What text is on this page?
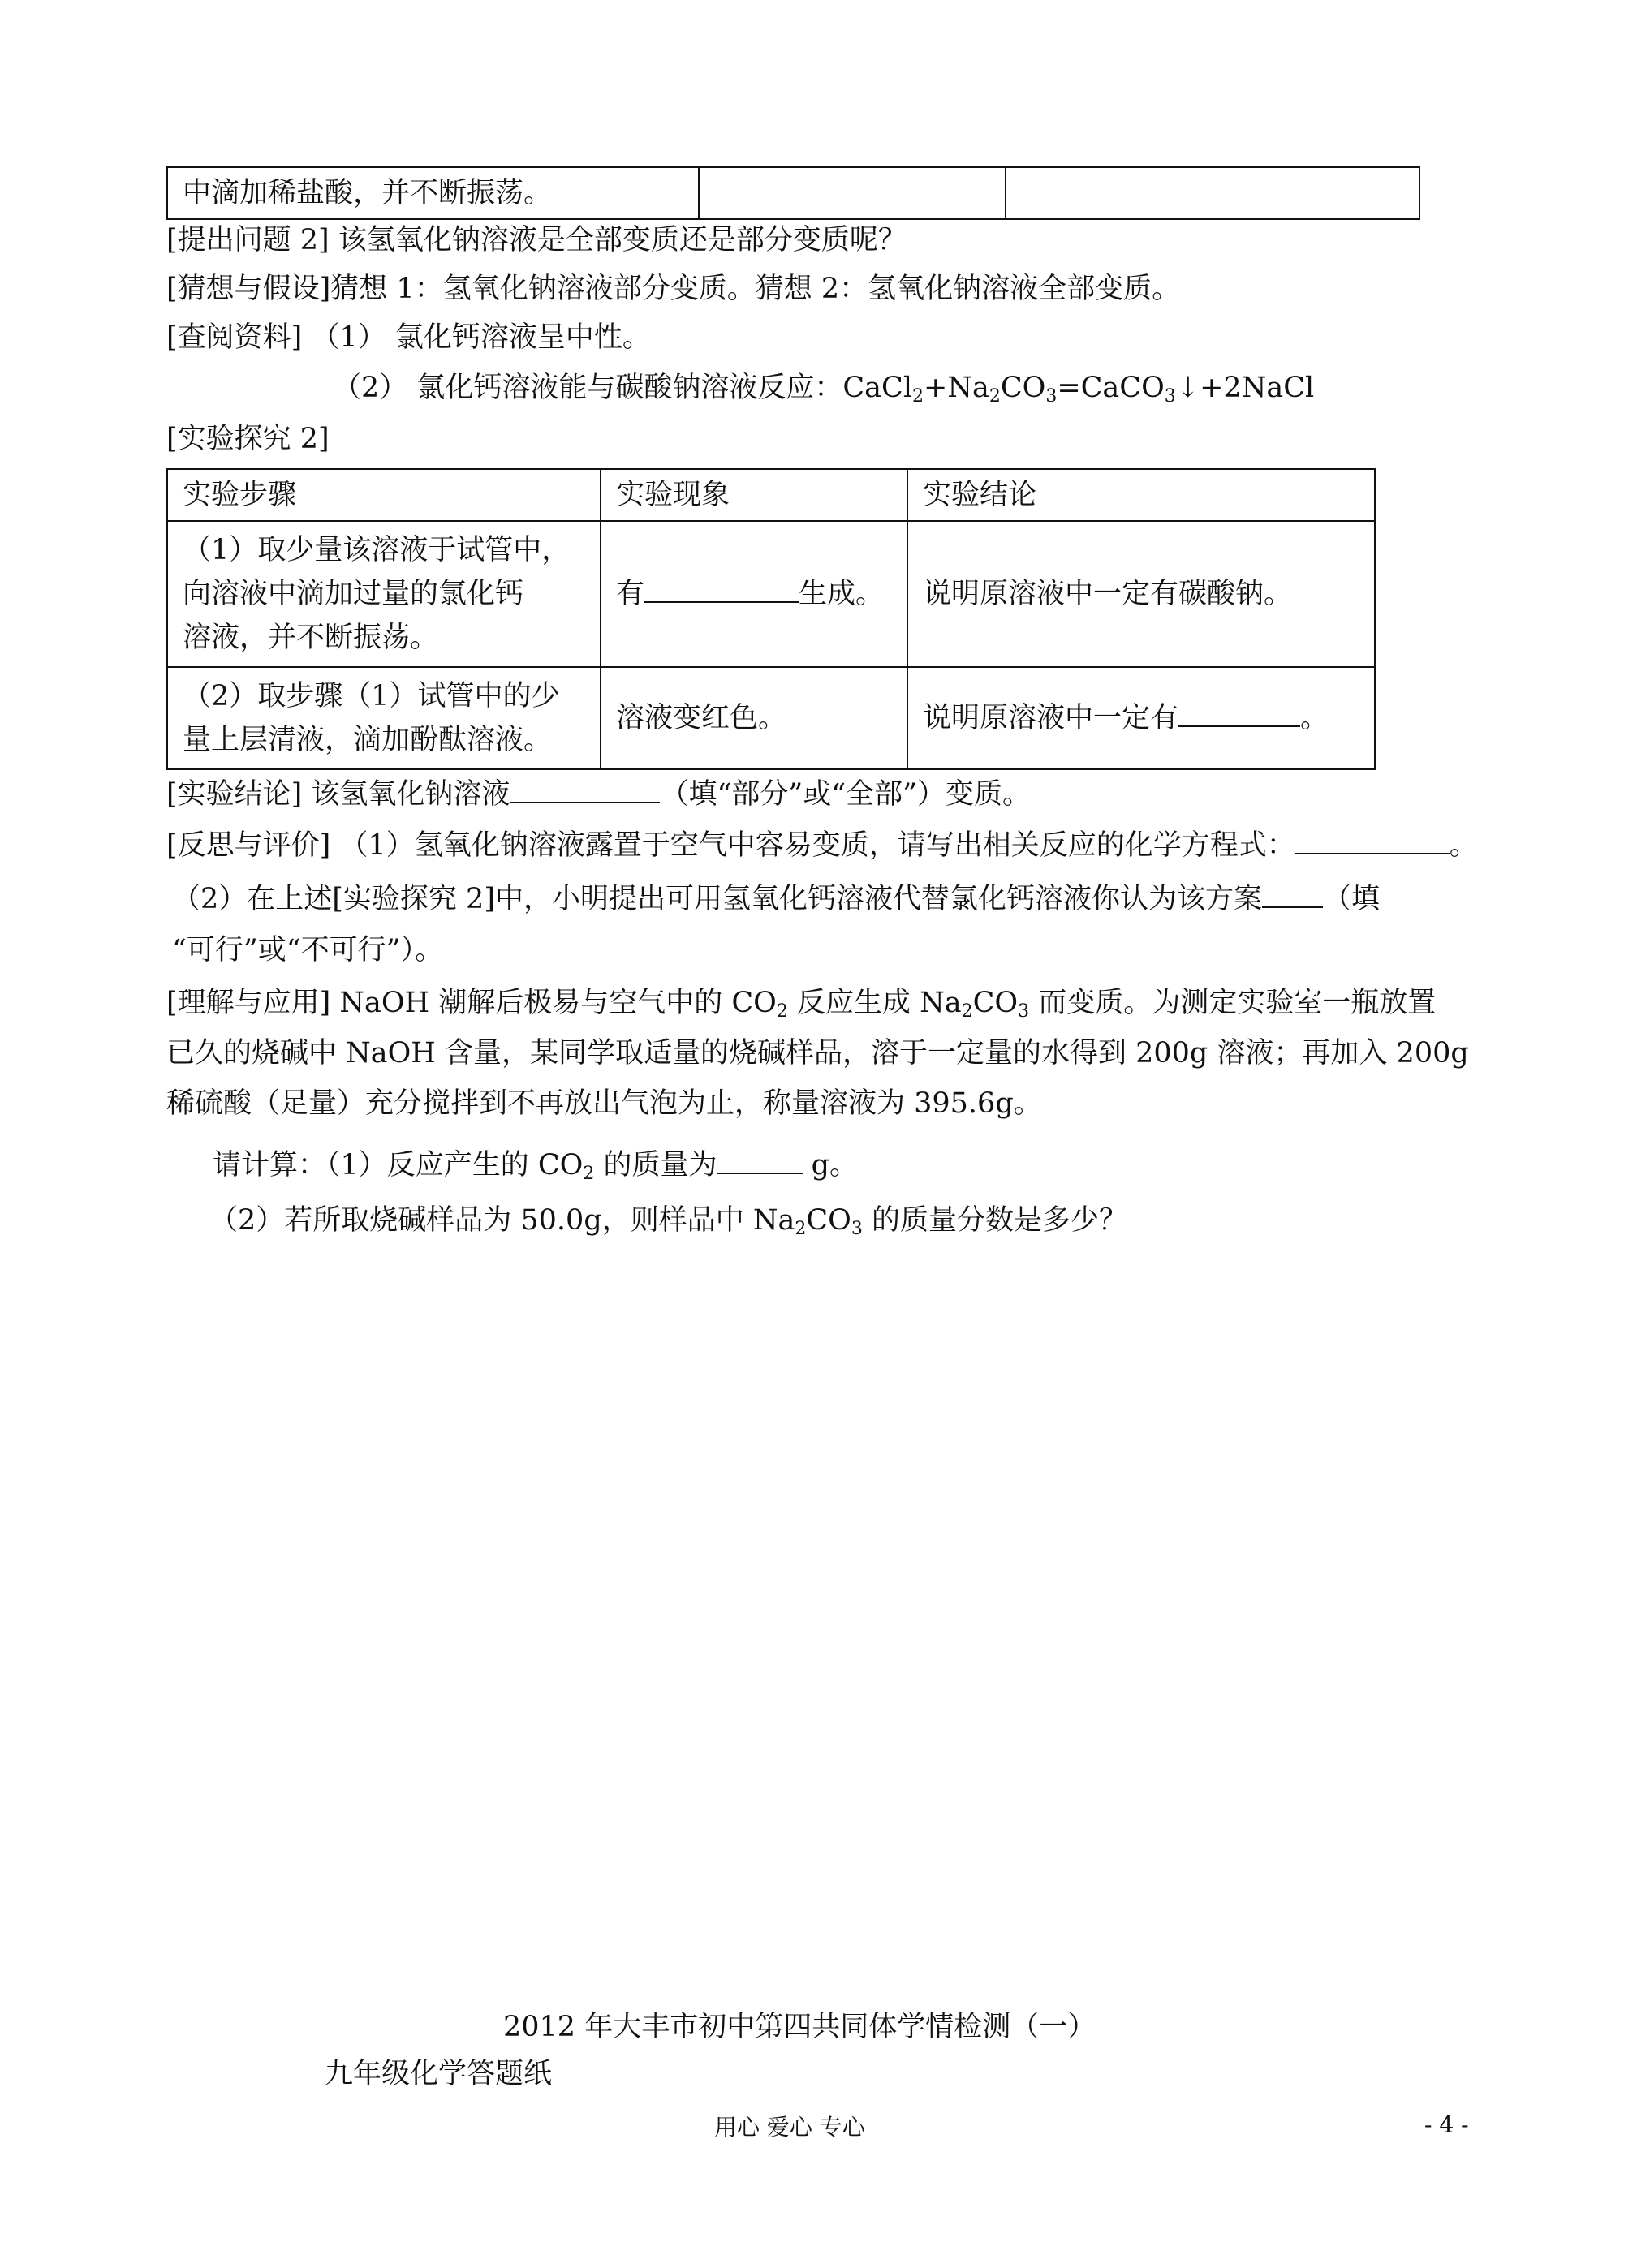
中滴加稀盐酸，并不断振荡。		
[提出问题 2] 该氢氧化钠溶液是全部变质还是部分变质呢？
[猜想与假设]猜想 1：氢氧化钠溶液部分变质。猜想 2：氢氧化钠溶液全部变质。
[查阅资料] （1） 氯化钙溶液呈中性。
（2） 氯化钙溶液能与碳酸钠溶液反应：$CaCl_2+Na_2CO_3=CaCO_3↓+2NaCl$
[实验探究 2]
实验步骤	实验现象	实验结论

（1）取少量该溶液于试管中，
向溶液中滴加过量的氯化钙
溶液，并不断振荡。	有 生成。	说明原溶液中一定有碳酸钠。

（2）取步骤（1）试管中的少
量上层清液，滴加酚酞溶液。	溶液变红色。	说明原溶液中一定有 。
[实验结论] 该氢氧化钠溶液	（填“部分”或“全部”）变质。
[反思与评价] （1）氢氧化钠溶液露置于空气中容易变质，请写出相关反应的化学方程式：	。
（2）在上述[实验探究 2]中，小明提出可用氢氧化钙溶液代替氯化钙溶液你认为该方案 （填
“可行”或“不可行”）。
[理解与应用] NaOH 潮解后极易与空气中的 $CO_2$ 反应生成 $Na_2CO_3$ 而变质。为测定实验室一瓶放置
已久的烧碱中 NaOH 含量，某同学取适量的烧碱样品，溶于一定量的水得到 200g 溶液；再加入 200g
稀硫酸（足量）充分搅拌到不再放出气泡为止，称量溶液为 395.6g。
请计算：（1）反应产生的 $CO_2$ 的质量为	g。
（2）若所取烧碱样品为 50.0g，则样品中 $Na_2CO_3$ 的质量分数是多少？
2012 年大丰市初中第四共同体学情检测（一）
九年级化学答题纸
用心 爱心 专心	- 4 -
